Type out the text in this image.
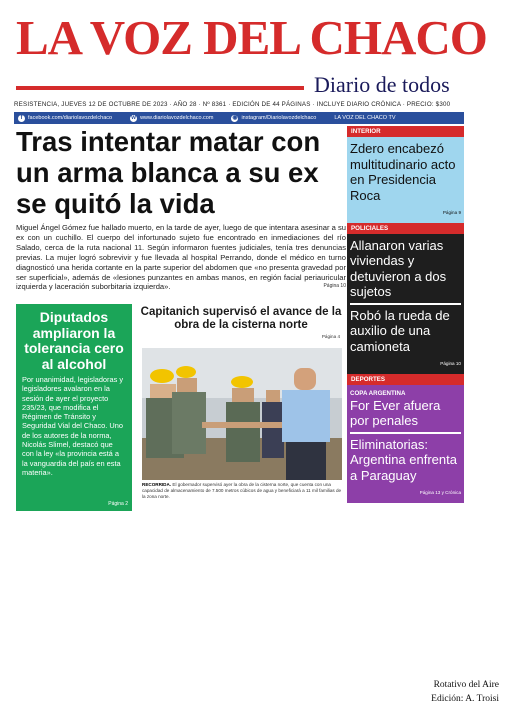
LA VOZ DEL CHACO
Diario de todos
RESISTENCIA, JUEVES 12 DE OCTUBRE DE 2023 · AÑO 28 · Nº 8361 · EDICIÓN DE 44 PÁGINAS · INCLUYE DIARIO CRÓNICA · PRECIO: $300
f	facebook.com/diariolavozdelchaco	w www.diariolavozdelchaco.com	◉ instagram/Diariolavozdelchaco	LA VOZ DEL CHACO TV
Tras intentar matar con un arma blanca a su ex se quitó la vida
Miguel Ángel Gómez fue hallado muerto, en la tarde de ayer, luego de que intentara asesinar a su ex con un cuchillo. El cuerpo del infortunado sujeto fue encontrado en inmediaciones del río Salado, cerca de la ruta nacional 11. Según informaron fuentes judiciales, tenía tres denuncias previas. La mujer logró sobrevivir y fue llevada al hospital Perrando, donde el médico en turno diagnosticó una herida cortante en la parte superior del abdomen que «no presenta gravedad por ser superficial», además de «lesiones punzantes en ambas manos, en región facial periauricular izquierda y laceración suborbitaria izquierda».	Página 10
INTERIOR
Zdero encabezó multitudinario acto en Presidencia Roca
Página 9
POLICIALES
Allanaron varias viviendas y detuvieron a dos sujetos
Robó la rueda de auxilio de una camioneta
Página 10
DEPORTES
COPA ARGENTINA
For Ever afuera por penales
Eliminatorias: Argentina enfrenta a Paraguay
Página 13 y Crónica
Diputados ampliaron la tolerancia cero al alcohol
Por unanimidad, legisladoras y legisladores avalaron en la sesión de ayer el proyecto 235/23, que modifica el Régimen de Tránsito y Seguridad Vial del Chaco. Uno de los autores de la norma, Nicolás Slimel, destacó que con la ley «la provincia está a la vanguardia del país en esta materia».
Página 2
Capitanich supervisó el avance de la obra de la cisterna norte
Página 4
RECORRIDA. El gobernador supervisó ayer la obra de la cisterna norte, que cuenta con una capacidad de almacenamiento de 7.500 metros cúbicos de agua y beneficiará a 11 mil familias de la zona norte.
Rotativo del Aire
Edición: A. Troisi
